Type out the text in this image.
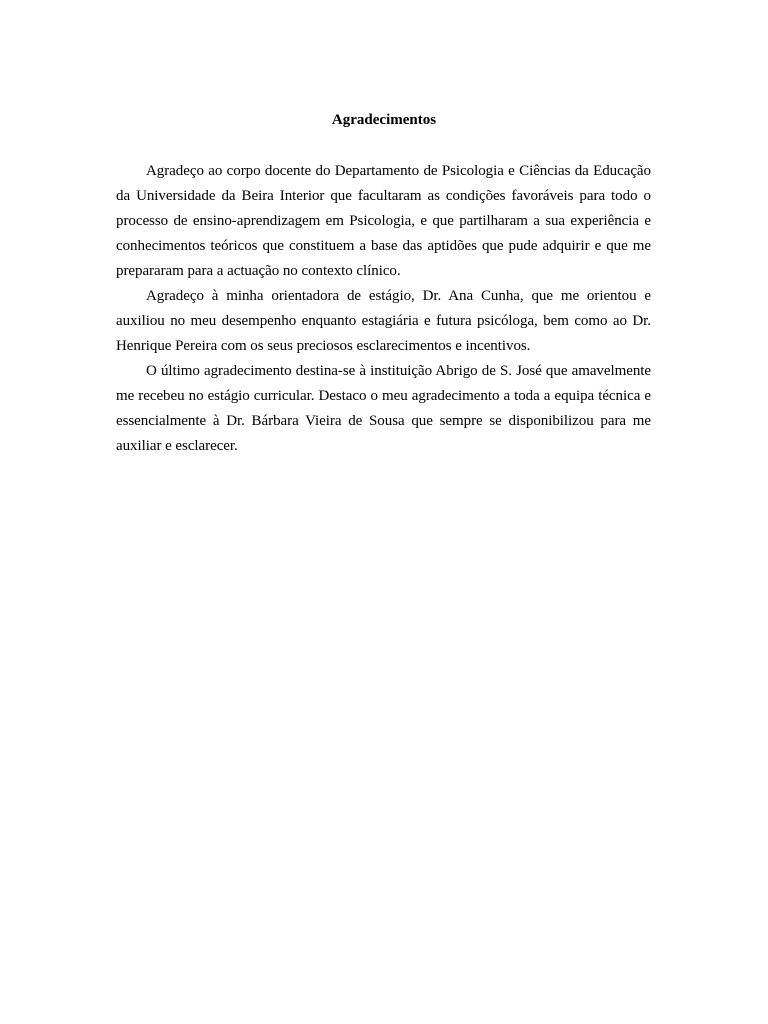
Agradecimentos

Agradeço ao corpo docente do Departamento de Psicologia e Ciências da Educação da Universidade da Beira Interior que facultaram as condições favoráveis para todo o processo de ensino-aprendizagem em Psicologia, e que partilharam a sua experiência e conhecimentos teóricos que constituem a base das aptidões que pude adquirir e que me prepararam para a actuação no contexto clínico.

Agradeço à minha orientadora de estágio, Dr. Ana Cunha, que me orientou e auxiliou no meu desempenho enquanto estagiária e futura psicóloga, bem como ao Dr. Henrique Pereira com os seus preciosos esclarecimentos e incentivos.

O último agradecimento destina-se à instituição Abrigo de S. José que amavelmente me recebeu no estágio curricular. Destaco o meu agradecimento a toda a equipa técnica e essencialmente à Dr. Bárbara Vieira de Sousa que sempre se disponibilizou para me auxiliar e esclarecer.
